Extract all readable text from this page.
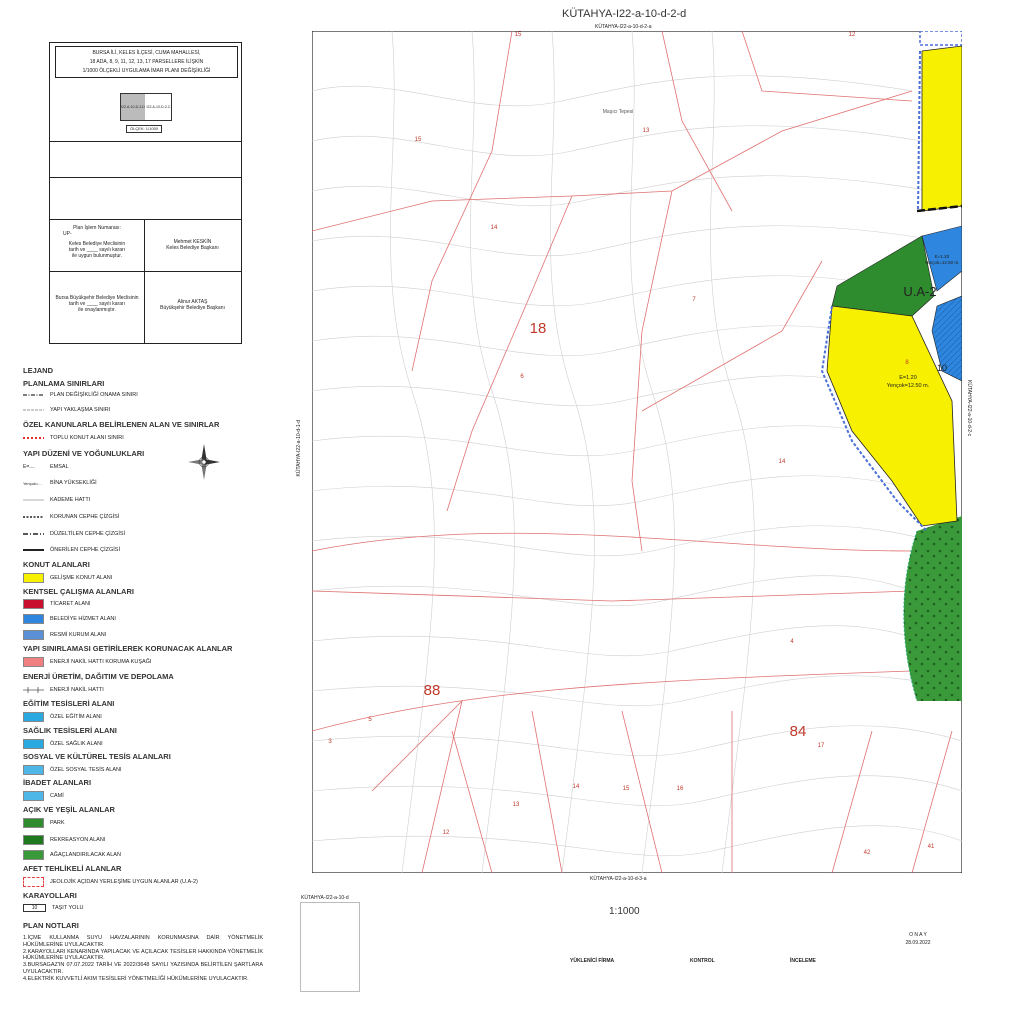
BURSA İLİ, KELES İLÇESİ, CUMA MAHALLESİ,
18 ADA, 8, 9, 11, 12, 13, 17 PARSELLERE İLİŞKİN
1/1000 ÖLÇEKLİ UYGULAMA İMAR PLANI DEĞİŞİKLİĞİ
I22-A-10-D-2-D I22-A-10-D-2-C
ÖLÇEK: 1/1000
Plan İşlem Numarası:
UP-
Keles Belediye Meclisinin
tarih ve ____ sayılı kararı
ile uygun bulunmuştur.
Mehmet KESKİN
Keles Belediye Başkanı
Bursa Büyükşehir Belediye Meclisinin
tarih ve ____ sayılı kararı
ile onaylanmıştır.
Alinur AKTAŞ
Büyükşehir Belediye Başkanı
LEJAND
PLANLAMA SINIRLARI
PLAN DEĞİŞİKLİĞİ ONAMA SINIRI
YAPI YAKLAŞMA SINIRI
ÖZEL KANUNLARLA BELİRLENEN ALAN VE SINIRLAR
TOPLU KONUT ALANI SINIRI
YAPI DÜZENİ VE YOĞUNLUKLARI
E=....	EMSAL
Yençok=...	BİNA YÜKSEKLİĞİ
KADEME HATTI
KORUNAN CEPHE ÇİZGİSİ
DÜZELTİLEN CEPHE ÇİZGİSİ
ÖNERİLEN CEPHE ÇİZGİSİ
KONUT ALANLARI
GELİŞME KONUT ALANI
KENTSEL ÇALIŞMA ALANLARI
TİCARET ALANI
BELEDİYE HİZMET ALANI
RESMİ KURUM ALANI
YAPI SINIRLAMASI GETİRİLEREK KORUNACAK ALANLAR
ENERJİ NAKİL HATTI KORUMA KUŞAĞI
ENERJİ ÜRETİM, DAĞITIM VE DEPOLAMA
ENERJİ NAKİL HATTI
EĞİTİM TESİSLERİ ALANI
ÖZEL EĞİTİM ALANI
SAĞLIK TESİSLERİ ALANI
ÖZEL SAĞLIK ALANI
SOSYAL VE KÜLTÜREL TESİS ALANLARI
ÖZEL SOSYAL TESİS ALANI
İBADET ALANLARI
CAMİ
AÇIK VE YEŞİL ALANLAR
PARK
REKREASYON ALANI
AĞAÇLANDIRILACAK ALAN
AFET TEHLİKELİ ALANLAR
JEOLOJİK AÇIDAN YERLEŞİME UYGUN ALANLAR (U.A-2)
KARAYOLLARI
10	TAŞIT YOLU
PLAN NOTLARI
1.İÇME KULLANMA SUYU HAVZALARININ KORUNMASINA DAİR YÖNETMELİK HÜKÜMLERİNE UYULACAKTIR.
2.KARAYOLLARI KENARINDA YAPILACAK VE AÇILACAK TESİSLER HAKKINDA YÖNETMELİK HÜKÜMLERİNE UYULACAKTIR.
3.BURSAGAZ'IN 07.07.2022 TARİH VE 2022/3648 SAYILI YAZISINDA BELİRTİLEN ŞARTLARA UYULACAKTIR.
4.ELEKTRİK KUVVETLİ AKIM TESİSLERİ YÖNETMELİĞİ HÜKÜMLERİNE UYULACAKTIR.
KÜTAHYA-I22-a-10-d-2-d
KÜTAHYA-I22-a-10-d-2-a
15	12
13
15
14
7
6
14
8	10
4
3
5
12
13
14	15	16
17
42
41
18
88
84
Maşıcı Tepesi
U.A-2
E=1.20
Yençok=12.50 m.
E=1.20
Yençok=12.50 m.
KÜTAHYA-I22-a-10-d-3-a
KÜTAHYA-I22-a-10-d-2-c
KÜTAHYA-I22-a-10-d-1-d
KÜTAHYA-I22-a-10-d
1:1000
YÜKLENİCİ FİRMA	KONTROL	İNCELEME
O N A Y
28.09.2022
